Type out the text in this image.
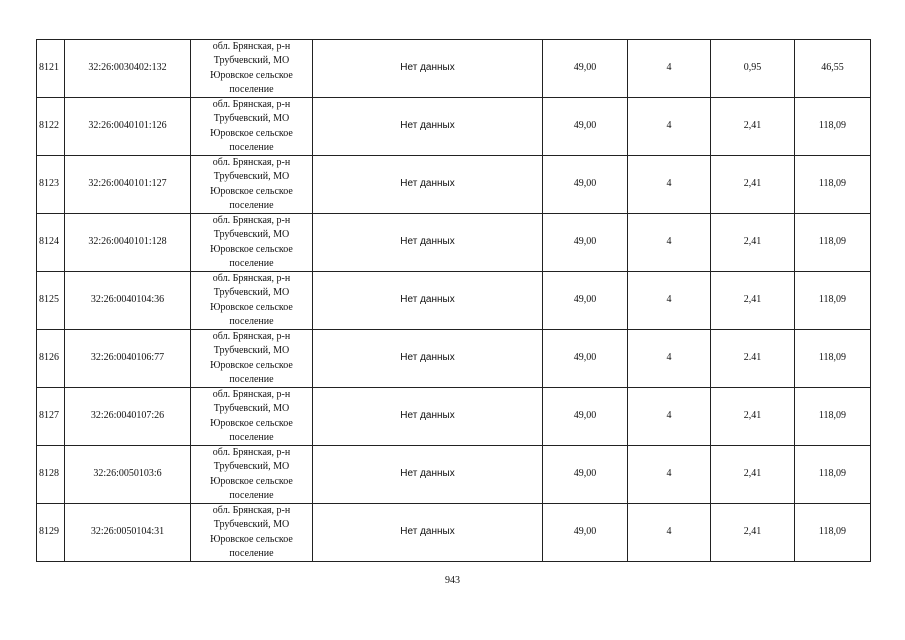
8121	32:26:0030402:132	обл. Брянская, р-н
Трубчевский, МО
Юровское сельское
поселение	Нет данных	49,00	4	0,95	46,55
8122	32:26:0040101:126	обл. Брянская, р-н
Трубчевский, МО
Юровское сельское
поселение	Нет данных	49,00	4	2,41	118,09
8123	32:26:0040101:127	обл. Брянская, р-н
Трубчевский, МО
Юровское сельское
поселение	Нет данных	49,00	4	2,41	118,09
8124	32:26:0040101:128	обл. Брянская, р-н
Трубчевский, МО
Юровское сельское
поселение	Нет данных	49,00	4	2,41	118,09
8125	32:26:0040104:36	обл. Брянская, р-н
Трубчевский, МО
Юровское сельское
поселение	Нет данных	49,00	4	2,41	118,09
8126	32:26:0040106:77	обл. Брянская, р-н
Трубчевский, МО
Юровское сельское
поселение	Нет данных	49,00	4	2.41	118,09
8127	32:26:0040107:26	обл. Брянская, р-н
Трубчевский, МО
Юровское сельское
поселение	Нет данных	49,00	4	2,41	118,09
8128	32:26:0050103:6	обл. Брянская, р-н
Трубчевский, МО
Юровское сельское
поселение	Нет данных	49,00	4	2,41	118,09
8129	32:26:0050104:31	обл. Брянская, р-н
Трубчевский, МО
Юровское сельское
поселение	Нет данных	49,00	4	2,41	118,09
943
